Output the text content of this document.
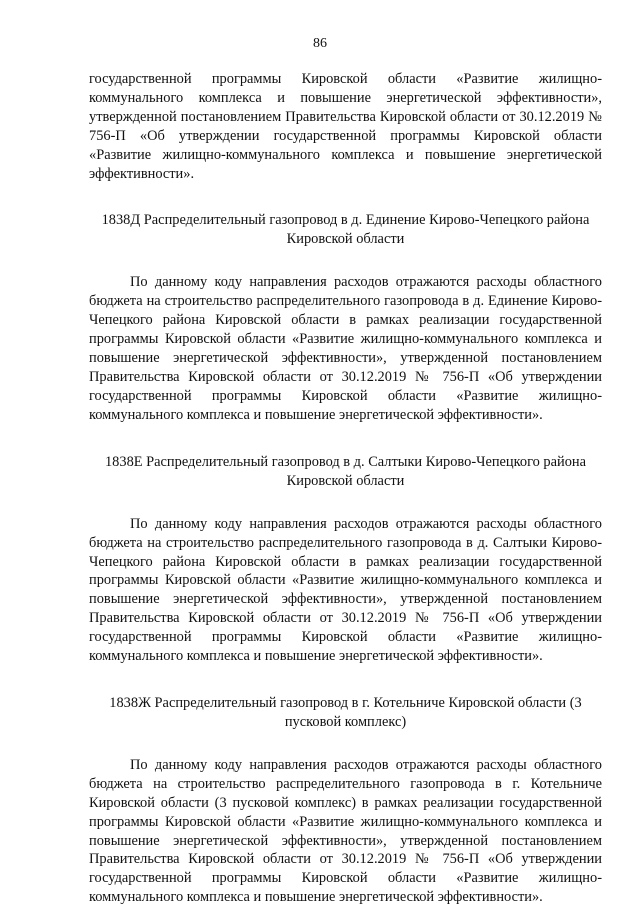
86

государственной программы Кировской области «Развитие жилищно-коммунального комплекса и повышение энергетической эффективности», утвержденной постановлением Правительства Кировской области от 30.12.2019 № 756-П «Об утверждении государственной программы Кировской области «Развитие жилищно-коммунального комплекса и повышение энергетической эффективности».

1838Д Распределительный газопровод в д. Единение Кирово-Чепецкого района Кировской области

По данному коду направления расходов отражаются расходы областного бюджета на строительство распределительного газопровода в д. Единение Кирово-Чепецкого района Кировской области в рамках реализации государственной программы Кировской области «Развитие жилищно-коммунального комплекса и повышение энергетической эффективности», утвержденной постановлением Правительства Кировской области от 30.12.2019 № 756-П «Об утверждении государственной программы Кировской области «Развитие жилищно-коммунального комплекса и повышение энергетической эффективности».

1838Е Распределительный газопровод в д. Салтыки Кирово-Чепецкого района Кировской области

По данному коду направления расходов отражаются расходы областного бюджета на строительство распределительного газопровода в д. Салтыки Кирово-Чепецкого района Кировской области в рамках реализации государственной программы Кировской области «Развитие жилищно-коммунального комплекса и повышение энергетической эффективности», утвержденной постановлением Правительства Кировской области от 30.12.2019 № 756-П «Об утверждении государственной программы Кировской области «Развитие жилищно-коммунального комплекса и повышение энергетической эффективности».

1838Ж Распределительный газопровод в г. Котельниче Кировской области (3 пусковой комплекс)

По данному коду направления расходов отражаются расходы областного бюджета на строительство распределительного газопровода в г. Котельниче Кировской области (3 пусковой комплекс) в рамках реализации государственной программы Кировской области «Развитие жилищно-коммунального комплекса и повышение энергетической эффективности», утвержденной постановлением Правительства Кировской области от 30.12.2019 № 756-П «Об утверждении государственной программы Кировской области «Развитие жилищно-коммунального комплекса и повышение энергетической эффективности».
